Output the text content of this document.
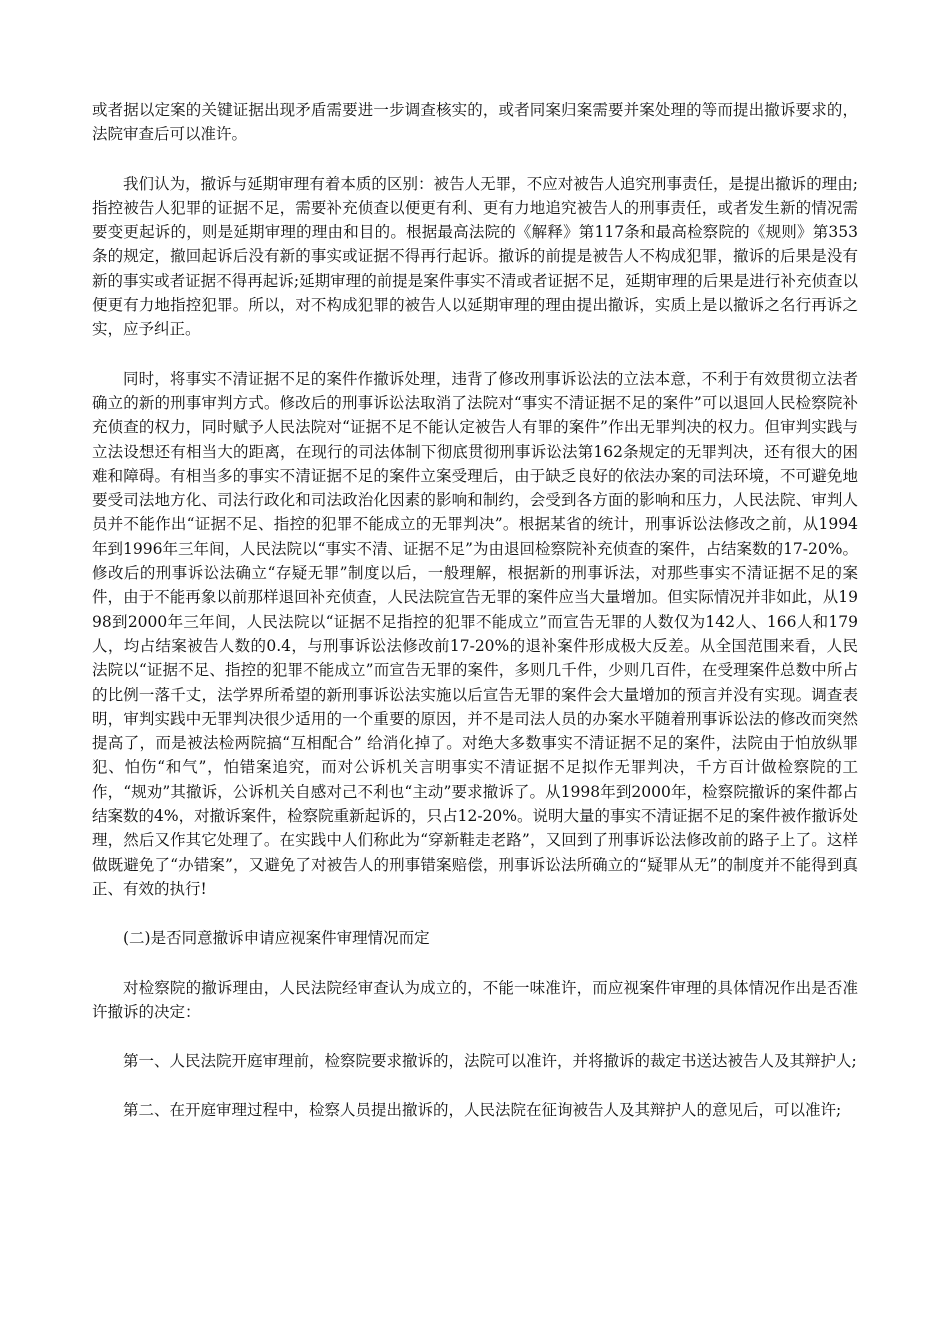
或者据以定案的关键证据出现矛盾需要进一步调查核实的，或者同案归案需要并案处理的等而提出撤诉要求的，法院审查后可以准许。

我们认为，撤诉与延期审理有着本质的区别：被告人无罪，不应对被告人追究刑事责任，是提出撤诉的理由;指控被告人犯罪的证据不足，需要补充侦查以便更有利、更有力地追究被告人的刑事责任，或者发生新的情况需要变更起诉的，则是延期审理的理由和目的。根据最高法院的《解释》第117条和最高检察院的《规则》第353条的规定，撤回起诉后没有新的事实或证据不得再行起诉。撤诉的前提是被告人不构成犯罪，撤诉的后果是没有新的事实或者证据不得再起诉;延期审理的前提是案件事实不清或者证据不足，延期审理的后果是进行补充侦查以便更有力地指控犯罪。所以，对不构成犯罪的被告人以延期审理的理由提出撤诉，实质上是以撤诉之名行再诉之实，应予纠正。

同时，将事实不清证据不足的案件作撤诉处理，违背了修改刑事诉讼法的立法本意，不利于有效贯彻立法者确立的新的刑事审判方式。修改后的刑事诉讼法取消了法院对“事实不清证据不足的案件”可以退回人民检察院补充侦查的权力，同时赋予人民法院对“证据不足不能认定被告人有罪的案件”作出无罪判决的权力。但审判实践与立法设想还有相当大的距离，在现行的司法体制下彻底贯彻刑事诉讼法第162条规定的无罪判决，还有很大的困难和障碍。有相当多的事实不清证据不足的案件立案受理后，由于缺乏良好的依法办案的司法环境，不可避免地要受司法地方化、司法行政化和司法政治化因素的影响和制约，会受到各方面的影响和压力，人民法院、审判人员并不能作出“证据不足、指控的犯罪不能成立的无罪判决”。根据某省的统计，刑事诉讼法修改之前，从1994年到1996年三年间，人民法院以“事实不清、证据不足”为由退回检察院补充侦查的案件，占结案数的17-20%。修改后的刑事诉讼法确立“存疑无罪”制度以后，一般理解，根据新的刑事诉法，对那些事实不清证据不足的案件，由于不能再象以前那样退回补充侦查，人民法院宣告无罪的案件应当大量增加。但实际情况并非如此，从1998到2000年三年间，人民法院以“证据不足指控的犯罪不能成立”而宣告无罪的人数仅为142人、166人和179人，均占结案被告人数的0.4，与刑事诉讼法修改前17-20%的退补案件形成极大反差。从全国范围来看，人民法院以“证据不足、指控的犯罪不能成立”而宣告无罪的案件，多则几千件，少则几百件，在受理案件总数中所占的比例一落千丈，法学界所希望的新刑事诉讼法实施以后宣告无罪的案件会大量增加的预言并没有实现。调查表明，审判实践中无罪判决很少适用的一个重要的原因，并不是司法人员的办案水平随着刑事诉讼法的修改而突然提高了，而是被法检两院搞“互相配合” 给消化掉了。对绝大多数事实不清证据不足的案件，法院由于怕放纵罪犯、怕伤“和气”，怕错案追究，而对公诉机关言明事实不清证据不足拟作无罪判决，千方百计做检察院的工作，“规劝”其撤诉，公诉机关自感对己不利也“主动”要求撤诉了。从1998年到2000年，检察院撤诉的案件都占结案数的4%，对撤诉案件，检察院重新起诉的，只占12-20%。说明大量的事实不清证据不足的案件被作撤诉处理，然后又作其它处理了。在实践中人们称此为“穿新鞋走老路”，又回到了刑事诉讼法修改前的路子上了。这样做既避免了“办错案”，又避免了对被告人的刑事错案赔偿，刑事诉讼法所确立的“疑罪从无”的制度并不能得到真正、有效的执行!

(二)是否同意撤诉申请应视案件审理情况而定

对检察院的撤诉理由，人民法院经审查认为成立的，不能一味准许，而应视案件审理的具体情况作出是否准许撤诉的决定：

第一、人民法院开庭审理前，检察院要求撤诉的，法院可以准许，并将撤诉的裁定书送达被告人及其辩护人;

第二、在开庭审理过程中，检察人员提出撤诉的，人民法院在征询被告人及其辩护人的意见后，可以准许;
